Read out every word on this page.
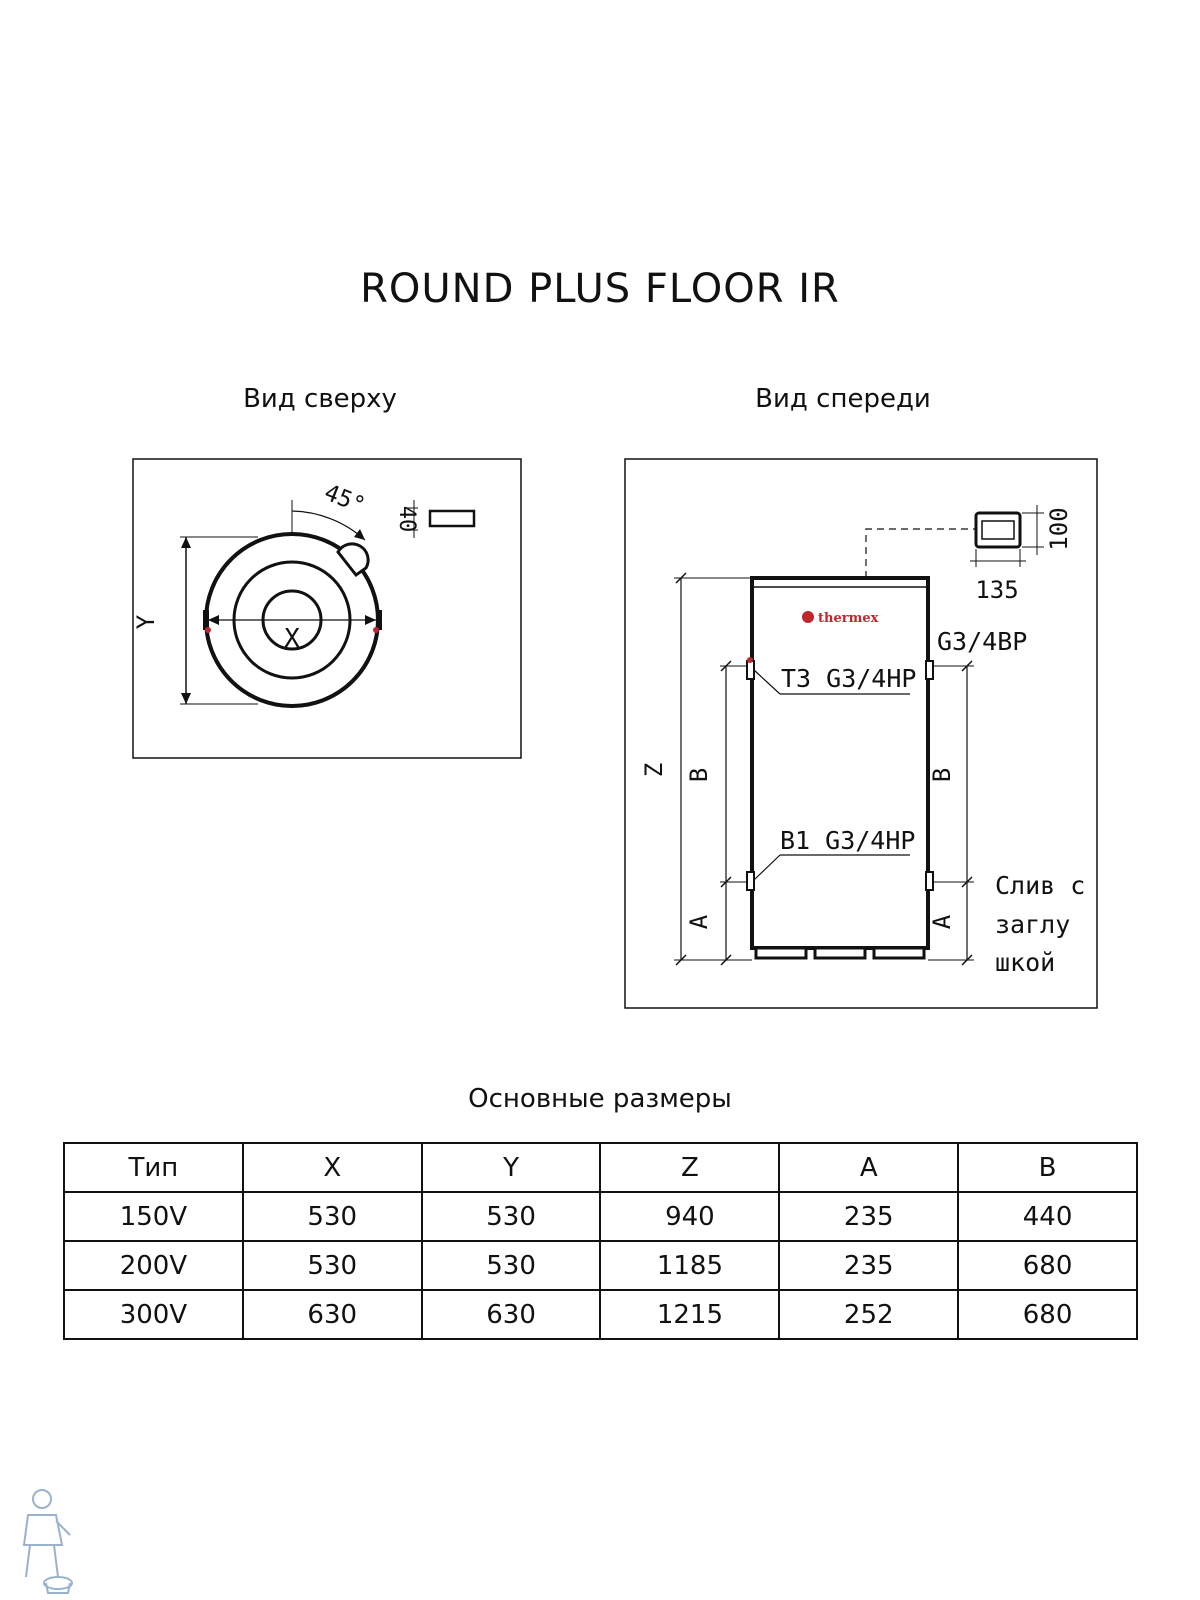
ROUND PLUS FLOOR IR
Вид сверху	Вид спереди
45° 40
X
Y
100
135
thermex
G3/4BP
T3 G3/4HP
B1 G3/4HP
Слив с
заглу
шкой
Z B
A
B
A
Основные размеры
Тип	X	Y	Z	A	B
150V	530	530	940	235	440
200V	530	530	1185	235	680
300V	630	630	1215	252	680
